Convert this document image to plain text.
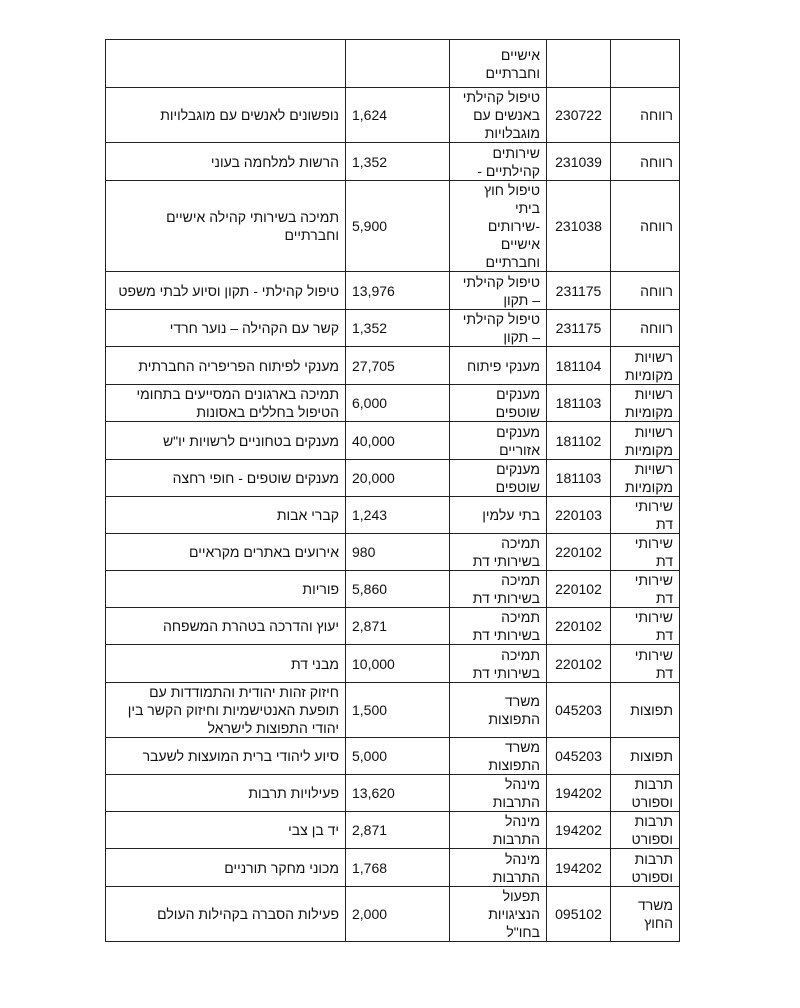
		אישיים
וחברתיים		

רווחה	230722	טיפול קהילתי
באנשים עם
מוגבלויות	1,624	נופשונים לאנשים עם מוגבלויות

רווחה	231039	שירותים
קהילתיים -	1,352	הרשות למלחמה בעוני

רווחה	231038	טיפול חוץ
ביתי
-שירותים
אישיים
וחברתיים	5,900	תמיכה בשירותי קהילה אישיים
וחברתיים

רווחה	231175	טיפול קהילתי
– תקון	13,976	טיפול קהילתי - תקון וסיוע לבתי משפט

רווחה	231175	טיפול קהילתי
– תקון	1,352	קשר עם הקהילה – נוער חרדי

רשויות
מקומיות	181104	מענקי פיתוח	27,705	מענקי לפיתוח הפריפריה החברתית

רשויות
מקומיות	181103	מענקים
שוטפים	6,000	תמיכה בארגונים המסייעים בתחומי
הטיפול בחללים באסונות

רשויות
מקומיות	181102	מענקים
אזוריים	40,000	מענקים בטחוניים לרשויות יו"ש

רשויות
מקומיות	181103	מענקים
שוטפים	20,000	מענקים שוטפים - חופי רחצה

שירותי
דת	220103	בתי עלמין	1,243	קברי אבות

שירותי
דת	220102	תמיכה
בשירותי דת	980	אירועים באתרים מקראיים

שירותי
דת	220102	תמיכה
בשירותי דת	5,860	פוריות

שירותי
דת	220102	תמיכה
בשירותי דת	2,871	יעוץ והדרכה בטהרת המשפחה

שירותי
דת	220102	תמיכה
בשירותי דת	10,000	מבני דת

תפוצות	045203	משרד
התפוצות	1,500	חיזוק זהות יהודית והתמודדות עם
תופעת האנטישמיות וחיזוק הקשר בין
יהודי התפוצות לישראל

תפוצות	045203	משרד
התפוצות	5,000	סיוע ליהודי ברית המועצות לשעבר

תרבות
וספורט	194202	מינהל
התרבות	13,620	פעילויות תרבות

תרבות
וספורט	194202	מינהל
התרבות	2,871	יד בן צבי

תרבות
וספורט	194202	מינהל
התרבות	1,768	מכוני מחקר תורניים

משרד
החוץ	095102	תפעול
הנציגויות
בחו"ל	2,000	פעילות הסברה בקהילות העולם
